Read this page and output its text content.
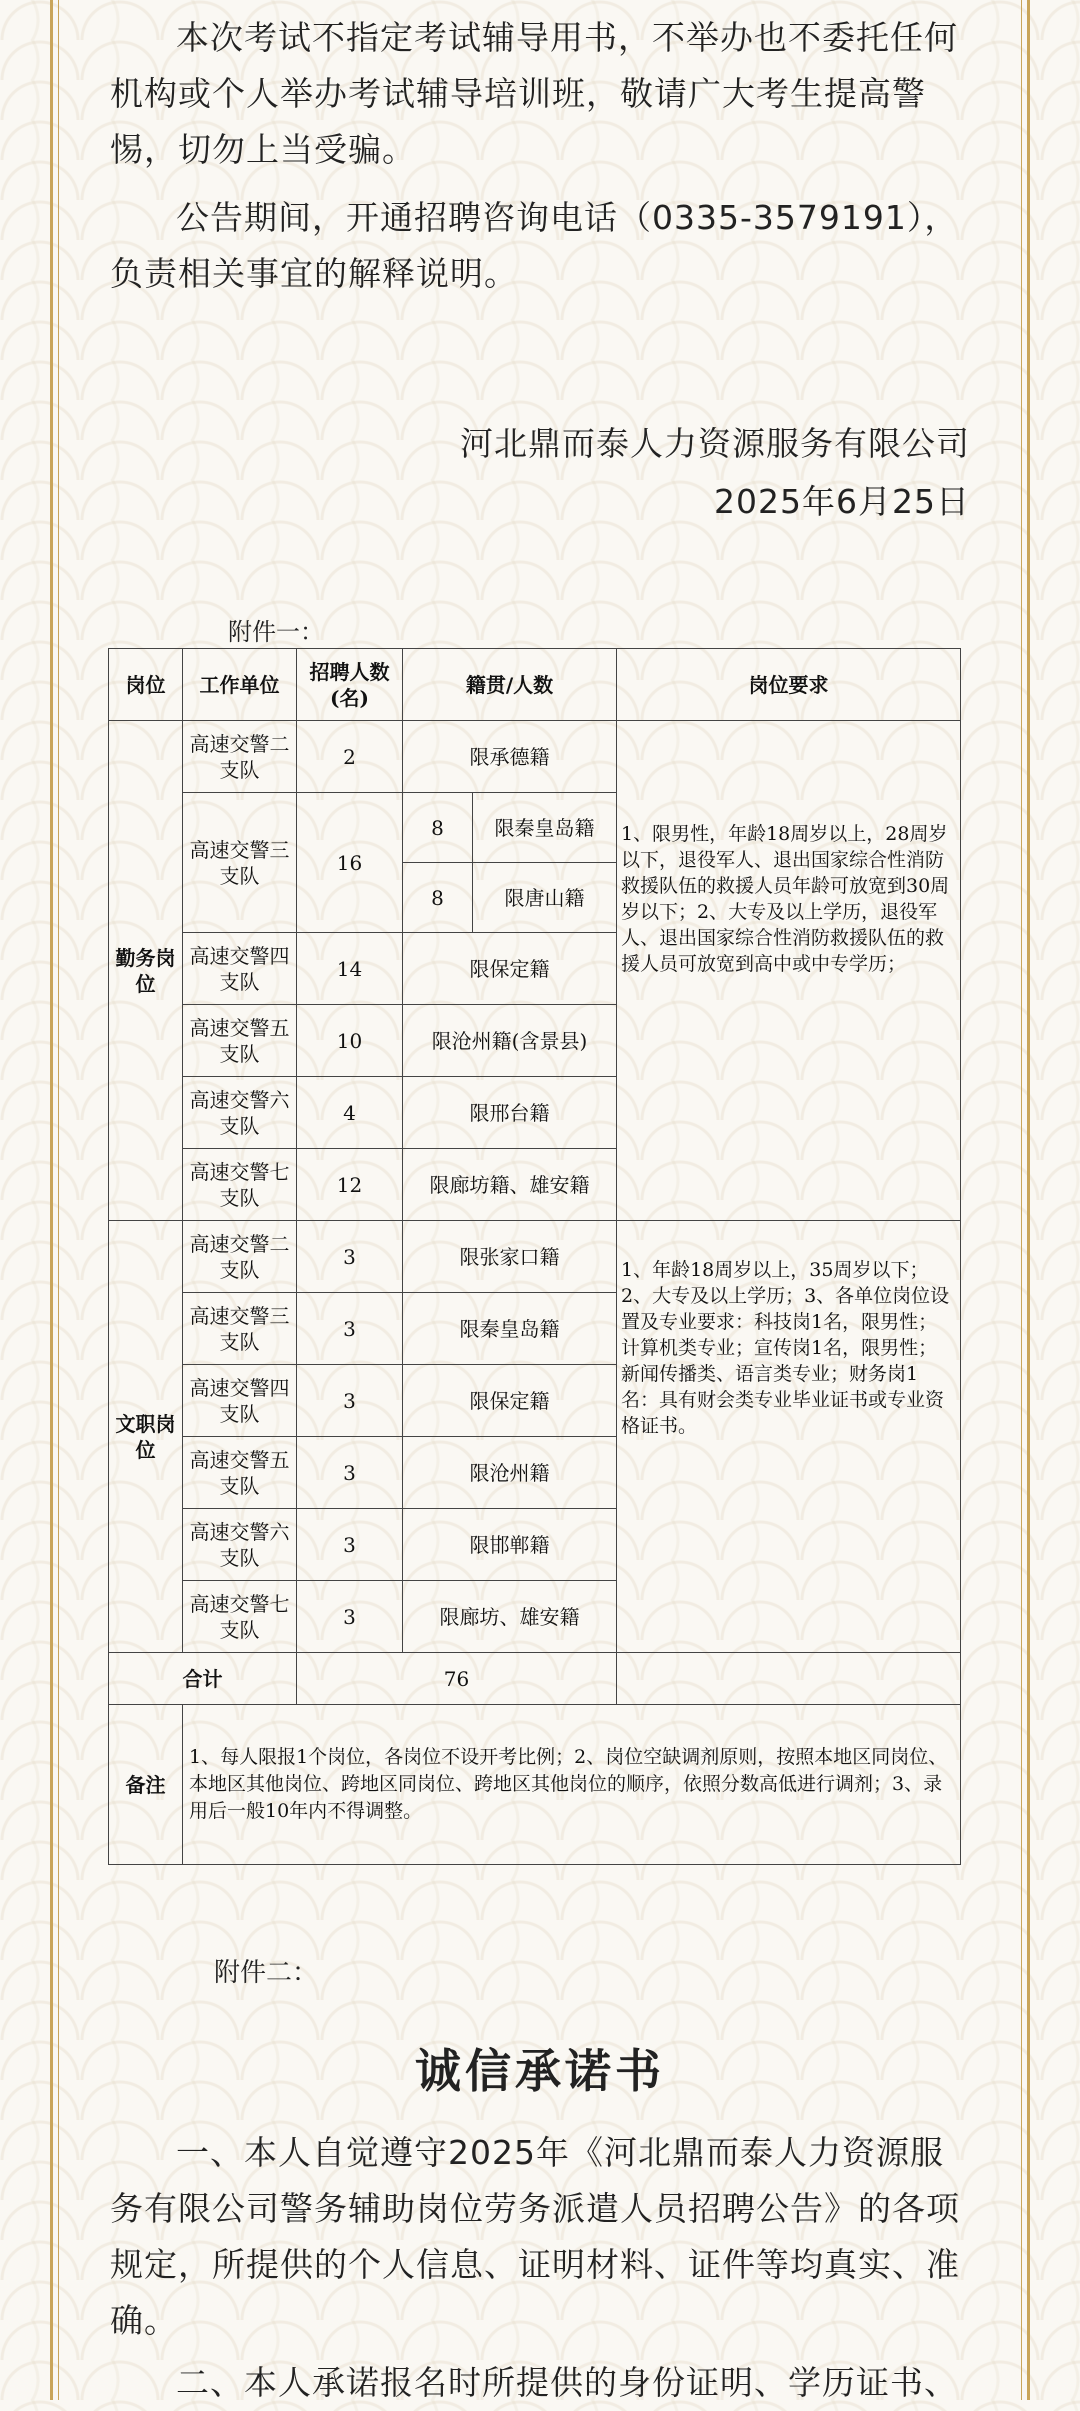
本次考试不指定考试辅导用书，不举办也不委托任何机构或个人举办考试辅导培训班，敬请广大考生提高警惕，切勿上当受骗。
公告期间，开通招聘咨询电话（0335-3579191），负责相关事宜的解释说明。
河北鼎而泰人力资源服务有限公司
2025年6月25日
附件一：
岗位	工作单位	招聘人数(名)	籍贯/人数		岗位要求
勤务岗位	高速交警二支队	2	限承德籍		1、限男性，年龄18周岁以上，28周岁以下，退役军人、退出国家综合性消防救援队伍的救援人员年龄可放宽到30周岁以下；2、大专及以上学历，退役军人、退出国家综合性消防救援队伍的救援人员可放宽到高中或中专学历；
	高速交警三支队	16	8	限秦皇岛籍	
			8	限唐山籍	
	高速交警四支队	14	限保定籍		
	高速交警五支队	10	限沧州籍(含景县)		
	高速交警六支队	4	限邢台籍		
	高速交警七支队	12	限廊坊籍、雄安籍		
文职岗位	高速交警二支队	3	限张家口籍		1、年龄18周岁以上，35周岁以下；2、大专及以上学历；3、各单位岗位设置及专业要求：科技岗1名，限男性；计算机类专业；宣传岗1名，限男性；新闻传播类、语言类专业；财务岗1名：具有财会类专业毕业证书或专业资格证书。
	高速交警三支队	3	限秦皇岛籍		
	高速交警四支队	3	限保定籍		
	高速交警五支队	3	限沧州籍		
	高速交警六支队	3	限邯郸籍		
	高速交警七支队	3	限廊坊、雄安籍		
合计		76			
备注	1、每人限报1个岗位，各岗位不设开考比例；2、岗位空缺调剂原则，按照本地区同岗位、本地区其他岗位、跨地区同岗位、跨地区其他岗位的顺序，依照分数高低进行调剂；3、录用后一般10年内不得调整。				
附件二：
诚信承诺书
一、本人自觉遵守2025年《河北鼎而泰人力资源服务有限公司警务辅助岗位劳务派遣人员招聘公告》的各项规定，所提供的个人信息、证明材料、证件等均真实、准确。
二、本人承诺报名时所提供的身份证明、学历证书、
